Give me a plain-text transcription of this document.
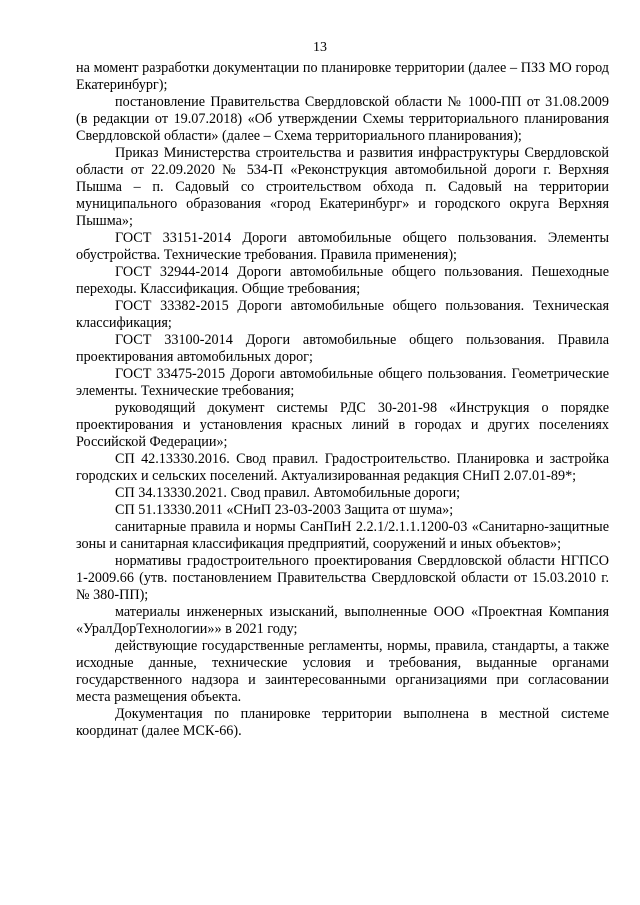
13

на момент разработки документации по планировке территории (далее – ПЗЗ МО город Екатеринбург);

постановление Правительства Свердловской области № 1000-ПП от 31.08.2009 (в редакции от 19.07.2018) «Об утверждении Схемы территориального планирования Свердловской области» (далее – Схема территориального планирования);

Приказ Министерства строительства и развития инфраструктуры Свердловской области от 22.09.2020 № 534-П «Реконструкция автомобильной дороги г. Верхняя Пышма – п. Садовый со строительством обхода п. Садовый на территории муниципального образования «город Екатеринбург» и городского округа Верхняя Пышма»;

ГОСТ 33151-2014 Дороги автомобильные общего пользования. Элементы обустройства. Технические требования. Правила применения);

ГОСТ 32944-2014 Дороги автомобильные общего пользования. Пешеходные переходы. Классификация. Общие требования;

ГОСТ 33382-2015 Дороги автомобильные общего пользования. Техническая классификация;

ГОСТ 33100-2014 Дороги автомобильные общего пользования. Правила проектирования автомобильных дорог;

ГОСТ 33475-2015 Дороги автомобильные общего пользования. Геометрические элементы. Технические требования;

руководящий документ системы РДС 30-201-98 «Инструкция о порядке проектирования и установления красных линий в городах и других поселениях Российской Федерации»;

СП 42.13330.2016. Свод правил. Градостроительство. Планировка и застройка городских и сельских поселений. Актуализированная редакция СНиП 2.07.01-89*;

СП 34.13330.2021. Свод правил. Автомобильные дороги;

СП 51.13330.2011 «СНиП 23-03-2003 Защита от шума»;

санитарные правила и нормы СанПиН 2.2.1/2.1.1.1200-03 «Санитарно-защитные зоны и санитарная классификация предприятий, сооружений и иных объектов»;

нормативы градостроительного проектирования Свердловской области НГПСО 1-2009.66 (утв. постановлением Правительства Свердловской области от 15.03.2010 г. № 380-ПП);

материалы инженерных изысканий, выполненные ООО «Проектная Компания «УралДорТехнологии»» в 2021 году;

действующие государственные регламенты, нормы, правила, стандарты, а также исходные данные, технические условия и требования, выданные органами государственного надзора и заинтересованными организациями при согласовании места размещения объекта.

Документация по планировке территории выполнена в местной системе координат (далее МСК-66).
